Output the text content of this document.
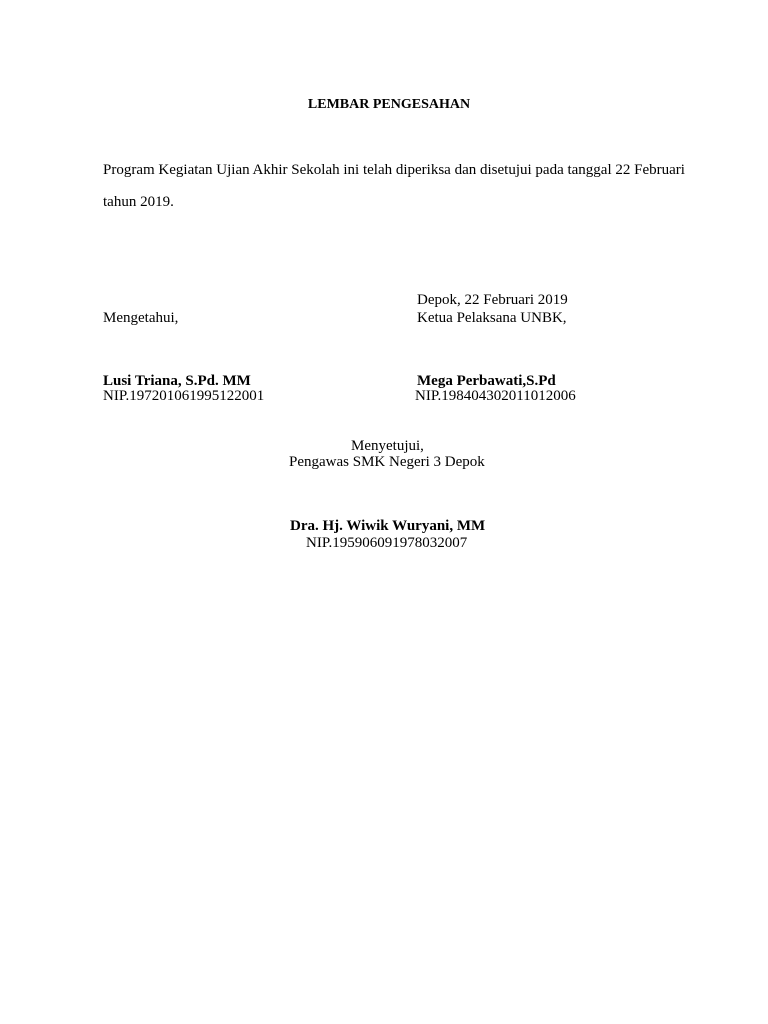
LEMBAR PENGESAHAN
Program Kegiatan Ujian Akhir Sekolah ini telah diperiksa dan disetujui pada tanggal 22 Februari
tahun 2019.
Depok, 22 Februari 2019
Mengetahui,	Ketua Pelaksana UNBK,
Lusi Triana, S.Pd. MM	Mega Perbawati,S.Pd
NIP.197201061995122001	NIP.198404302011012006
Menyetujui,
Pengawas SMK Negeri 3 Depok
Dra. Hj. Wiwik Wuryani, MM
NIP.195906091978032007
